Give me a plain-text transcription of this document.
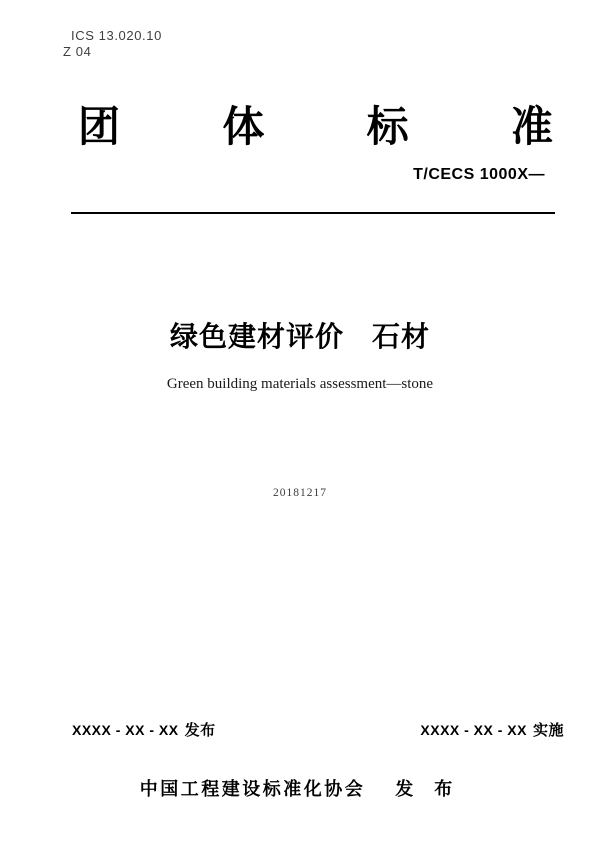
ICS 13.020.10
Z 04
团 体 标 准
T/CECS 1000X—
绿色建材评价 石材
Green building materials assessment—stone
20181217
XXXX - XX - XX 发布	XXXX - XX - XX 实施
中国工程建设标准化协会 发 布
